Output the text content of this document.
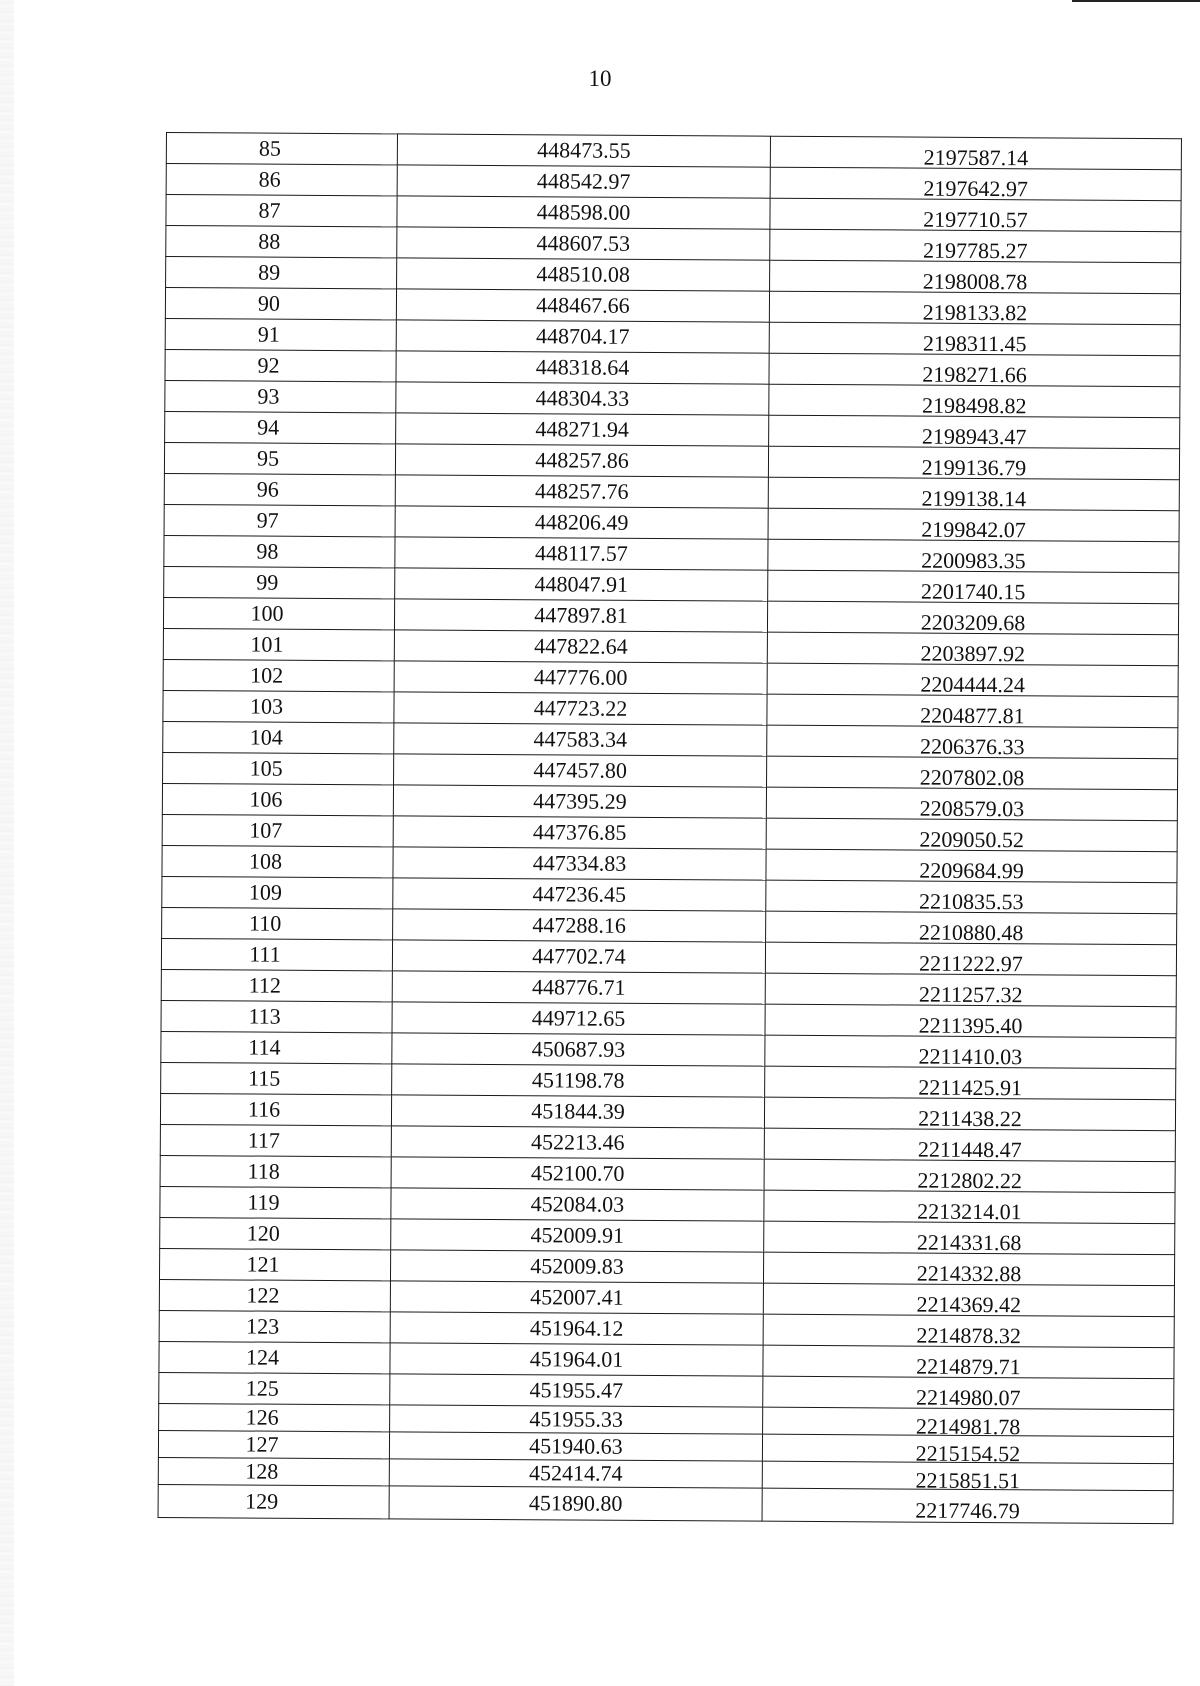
10
85	448473.55	2197587.14
86	448542.97	2197642.97
87	448598.00	2197710.57
88	448607.53	2197785.27
89	448510.08	2198008.78
90	448467.66	2198133.82
91	448704.17	2198311.45
92	448318.64	2198271.66
93	448304.33	2198498.82
94	448271.94	2198943.47
95	448257.86	2199136.79
96	448257.76	2199138.14
97	448206.49	2199842.07
98	448117.57	2200983.35
99	448047.91	2201740.15
100	447897.81	2203209.68
101	447822.64	2203897.92
102	447776.00	2204444.24
103	447723.22	2204877.81
104	447583.34	2206376.33
105	447457.80	2207802.08
106	447395.29	2208579.03
107	447376.85	2209050.52
108	447334.83	2209684.99
109	447236.45	2210835.53
110	447288.16	2210880.48
111	447702.74	2211222.97
112	448776.71	2211257.32
113	449712.65	2211395.40
114	450687.93	2211410.03
115	451198.78	2211425.91
116	451844.39	2211438.22
117	452213.46	2211448.47
118	452100.70	2212802.22
119	452084.03	2213214.01
120	452009.91	2214331.68
121	452009.83	2214332.88
122	452007.41	2214369.42
123	451964.12	2214878.32
124	451964.01	2214879.71
125	451955.47	2214980.07
126	451955.33	2214981.78
127	451940.63	2215154.52
128	452414.74	2215851.51
129	451890.80	2217746.79
